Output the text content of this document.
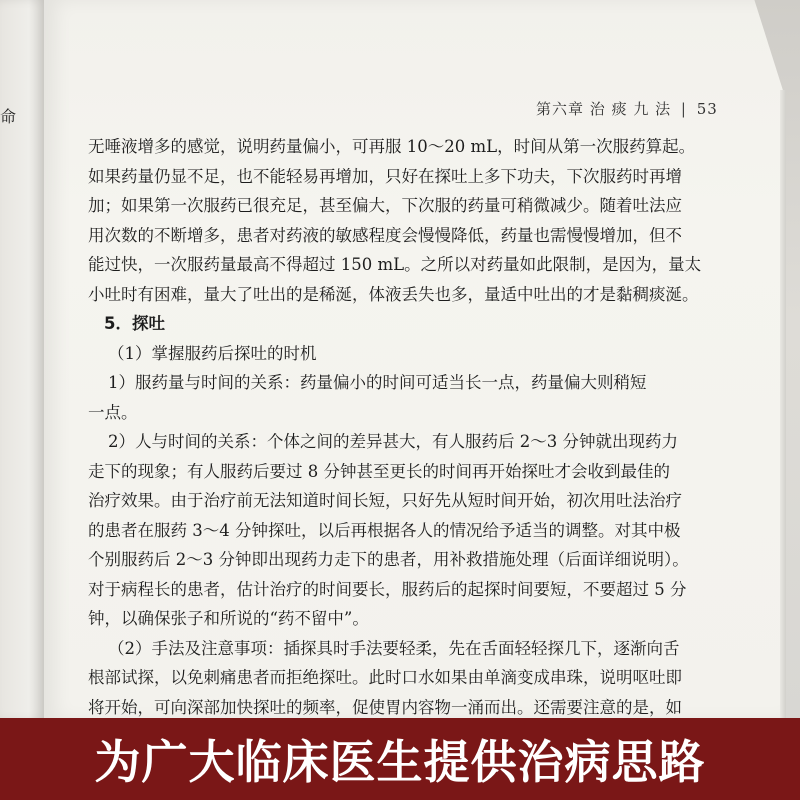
命	第六章 治 痰 九 法 | 53
无唾液增多的感觉，说明药量偏小，可再服 10～20 mL，时间从第一次服药算起。
如果药量仍显不足，也不能轻易再增加，只好在探吐上多下功夫，下次服药时再增
加；如果第一次服药已很充足，甚至偏大，下次服的药量可稍微减少。随着吐法应
用次数的不断增多，患者对药液的敏感程度会慢慢降低，药量也需慢慢增加，但不
能过快，一次服药量最高不得超过 150 mL。之所以对药量如此限制，是因为，量太
小吐时有困难，量大了吐出的是稀涎，体液丢失也多，量适中吐出的才是黏稠痰涎。
5．探吐
（1）掌握服药后探吐的时机
1）服药量与时间的关系：药量偏小的时间可适当长一点，药量偏大则稍短
一点。
2）人与时间的关系：个体之间的差异甚大，有人服药后 2～3 分钟就出现药力
走下的现象；有人服药后要过 8 分钟甚至更长的时间再开始探吐才会收到最佳的
治疗效果。由于治疗前无法知道时间长短，只好先从短时间开始，初次用吐法治疗
的患者在服药 3～4 分钟探吐，以后再根据各人的情况给予适当的调整。对其中极
个别服药后 2～3 分钟即出现药力走下的患者，用补救措施处理（后面详细说明）。
对于病程长的患者，估计治疗的时间要长，服药后的起探时间要短，不要超过 5 分
钟，以确保张子和所说的“药不留中”。
（2）手法及注意事项：插探具时手法要轻柔，先在舌面轻轻探几下，逐渐向舌
根部试探，以免刺痛患者而拒绝探吐。此时口水如果由单滴变成串珠，说明呕吐即
将开始，可向深部加快探吐的频率，促使胃内容物一涌而出。还需要注意的是，如
为广大临床医生提供治病思路
